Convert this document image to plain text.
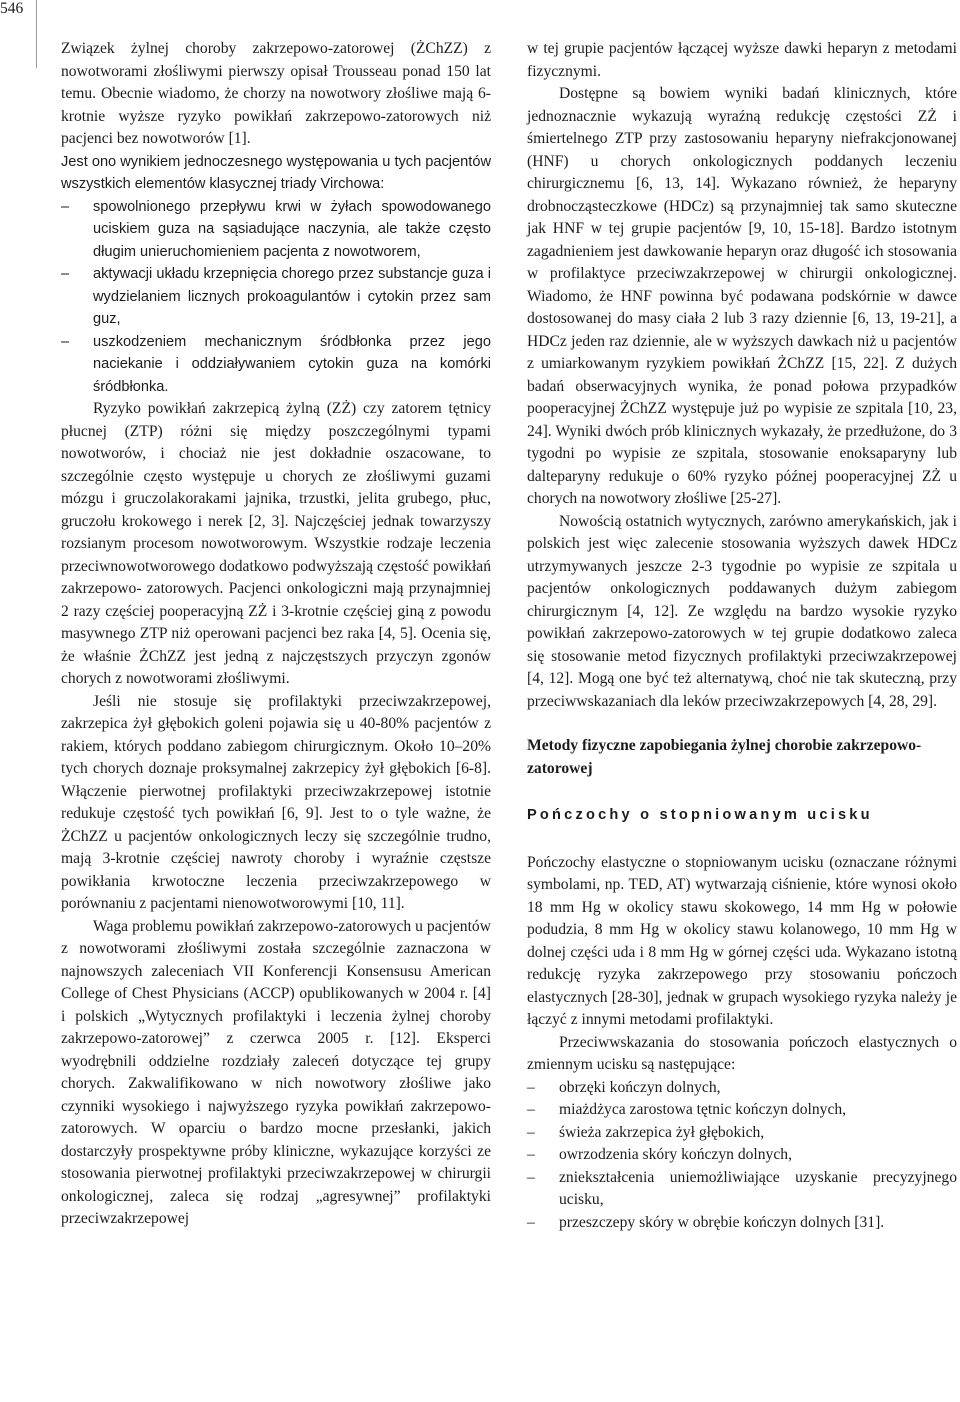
546

Związek żylnej choroby zakrzepowo-zatorowej (ŻChZZ) z nowotworami złośliwymi pierwszy opisał Trousseau ponad 150 lat temu. Obecnie wiadomo, że chorzy na nowotwory złośliwe mają 6-krotnie wyższe ryzyko powikłań zakrzepowo-zatorowych niż pacjenci bez nowotworów [1].

Jest ono wynikiem jednoczesnego występowania u tych pacjentów wszystkich elementów klasycznej triady Virchowa:

– spowolnionego przepływu krwi w żyłach spowodowanego uciskiem guza na sąsiadujące naczynia, ale także często długim unieruchomieniem pacjenta z nowotworem,
– aktywacji układu krzepnięcia chorego przez substancje guza i wydzielaniem licznych prokoagulantów i cytokin przez sam guz,
– uszkodzeniem mechanicznym śródbłonka przez jego naciekanie i oddziaływaniem cytokin guza na komórki śródbłonka.

Ryzyko powikłań zakrzepicą żylną (ZŻ) czy zatorem tętnicy płucnej (ZTP) różni się między poszczególnymi typami nowotworów, i chociaż nie jest dokładnie oszacowane, to szczególnie często występuje u chorych ze złośliwymi guzami mózgu i gruczolakorakami jajnika, trzustki, jelita grubego, płuc, gruczołu krokowego i nerek [2, 3]. Najczęściej jednak towarzyszy rozsianym procesom nowotworowym. Wszystkie rodzaje leczenia przeciwnowotworowego dodatkowo podwyższają częstość powikłań zakrzepowo- zatorowych. Pacjenci onkologiczni mają przynajmniej 2 razy częściej pooperacyjną ZŻ i 3-krotnie częściej giną z powodu masywnego ZTP niż operowani pacjenci bez raka [4, 5]. Ocenia się, że właśnie ŻChZZ jest jedną z najczęstszych przyczyn zgonów chorych z nowotworami złośliwymi.

Jeśli nie stosuje się profilaktyki przeciwzakrzepowej, zakrzepica żył głębokich goleni pojawia się u 40-80% pacjentów z rakiem, których poddano zabiegom chirurgicznym. Około 10–20% tych chorych doznaje proksymalnej zakrzepicy żył głębokich [6-8]. Włączenie pierwotnej profilaktyki przeciwzakrzepowej istotnie redukuje częstość tych powikłań [6, 9]. Jest to o tyle ważne, że ŻChZZ u pacjentów onkologicznych leczy się szczególnie trudno, mają 3-krotnie częściej nawroty choroby i wyraźnie częstsze powikłania krwotoczne leczenia przeciwzakrzepowego w porównaniu z pacjentami nienowotworowymi [10, 11].

Waga problemu powikłań zakrzepowo-zatorowych u pacjentów z nowotworami złośliwymi została szczególnie zaznaczona w najnowszych zaleceniach VII Konferencji Konsensusu American College of Chest Physicians (ACCP) opublikowanych w 2004 r. [4] i polskich „Wytycznych profilaktyki i leczenia żylnej choroby zakrzepowo-zatorowej” z czerwca 2005 r. [12]. Eksperci wyodrębnili oddzielne rozdziały zaleceń dotyczące tej grupy chorych. Zakwalifikowano w nich nowotwory złośliwe jako czynniki wysokiego i najwyższego ryzyka powikłań zakrzepowo-zatorowych. W oparciu o bardzo mocne przesłanki, jakich dostarczyły prospektywne próby kliniczne, wykazujące korzyści ze stosowania pierwotnej profilaktyki przeciwzakrzepowej w chirurgii onkologicznej, zaleca się rodzaj „agresywnej” profilaktyki przeciwzakrzepowej

w tej grupie pacjentów łączącej wyższe dawki heparyn z metodami fizycznymi.

Dostępne są bowiem wyniki badań klinicznych, które jednoznacznie wykazują wyraźną redukcję częstości ZŻ i śmiertelnego ZTP przy zastosowaniu heparyny niefrakcjonowanej (HNF) u chorych onkologicznych poddanych leczeniu chirurgicznemu [6, 13, 14]. Wykazano również, że heparyny drobnocząsteczkowe (HDCz) są przynajmniej tak samo skuteczne jak HNF w tej grupie pacjentów [9, 10, 15-18]. Bardzo istotnym zagadnieniem jest dawkowanie heparyn oraz długość ich stosowania w profilaktyce przeciwzakrzepowej w chirurgii onkologicznej. Wiadomo, że HNF powinna być podawana podskórnie w dawce dostosowanej do masy ciała 2 lub 3 razy dziennie [6, 13, 19-21], a HDCz jeden raz dziennie, ale w wyższych dawkach niż u pacjentów z umiarkowanym ryzykiem powikłań ŻChZZ [15, 22]. Z dużych badań obserwacyjnych wynika, że ponad połowa przypadków pooperacyjnej ŻChZZ występuje już po wypisie ze szpitala [10, 23, 24]. Wyniki dwóch prób klinicznych wykazały, że przedłużone, do 3 tygodni po wypisie ze szpitala, stosowanie enoksaparyny lub dalteparyny redukuje o 60% ryzyko późnej pooperacyjnej ZŻ u chorych na nowotwory złośliwe [25-27].

Nowością ostatnich wytycznych, zarówno amerykańskich, jak i polskich jest więc zalecenie stosowania wyższych dawek HDCz utrzymywanych jeszcze 2-3 tygodnie po wypisie ze szpitala u pacjentów onkologicznych poddawanych dużym zabiegom chirurgicznym [4, 12]. Ze względu na bardzo wysokie ryzyko powikłań zakrzepowo-zatorowych w tej grupie dodatkowo zaleca się stosowanie metod fizycznych profilaktyki przeciwzakrzepowej [4, 12]. Mogą one być też alternatywą, choć nie tak skuteczną, przy przeciwwskazaniach dla leków przeciwzakrzepowych [4, 28, 29].

Metody fizyczne zapobiegania żylnej chorobie zakrzepowo-zatorowej
Pończochy o stopniowanym ucisku

Pończochy elastyczne o stopniowanym ucisku (oznaczane różnymi symbolami, np. TED, AT) wytwarzają ciśnienie, które wynosi około 18 mm Hg w okolicy stawu skokowego, 14 mm Hg w połowie podudzia, 8 mm Hg w okolicy stawu kolanowego, 10 mm Hg w dolnej części uda i 8 mm Hg w górnej części uda. Wykazano istotną redukcję ryzyka zakrzepowego przy stosowaniu pończoch elastycznych [28-30], jednak w grupach wysokiego ryzyka należy je łączyć z innymi metodami profilaktyki.

Przeciwwskazania do stosowania pończoch elastycznych o zmiennym ucisku są następujące:

– obrzęki kończyn dolnych,
– miażdżyca zarostowa tętnic kończyn dolnych,
– świeża zakrzepica żył głębokich,
– owrzodzenia skóry kończyn dolnych,
– zniekształcenia uniemożliwiające uzyskanie precyzyjnego ucisku,
– przeszczepy skóry w obrębie kończyn dolnych [31].
